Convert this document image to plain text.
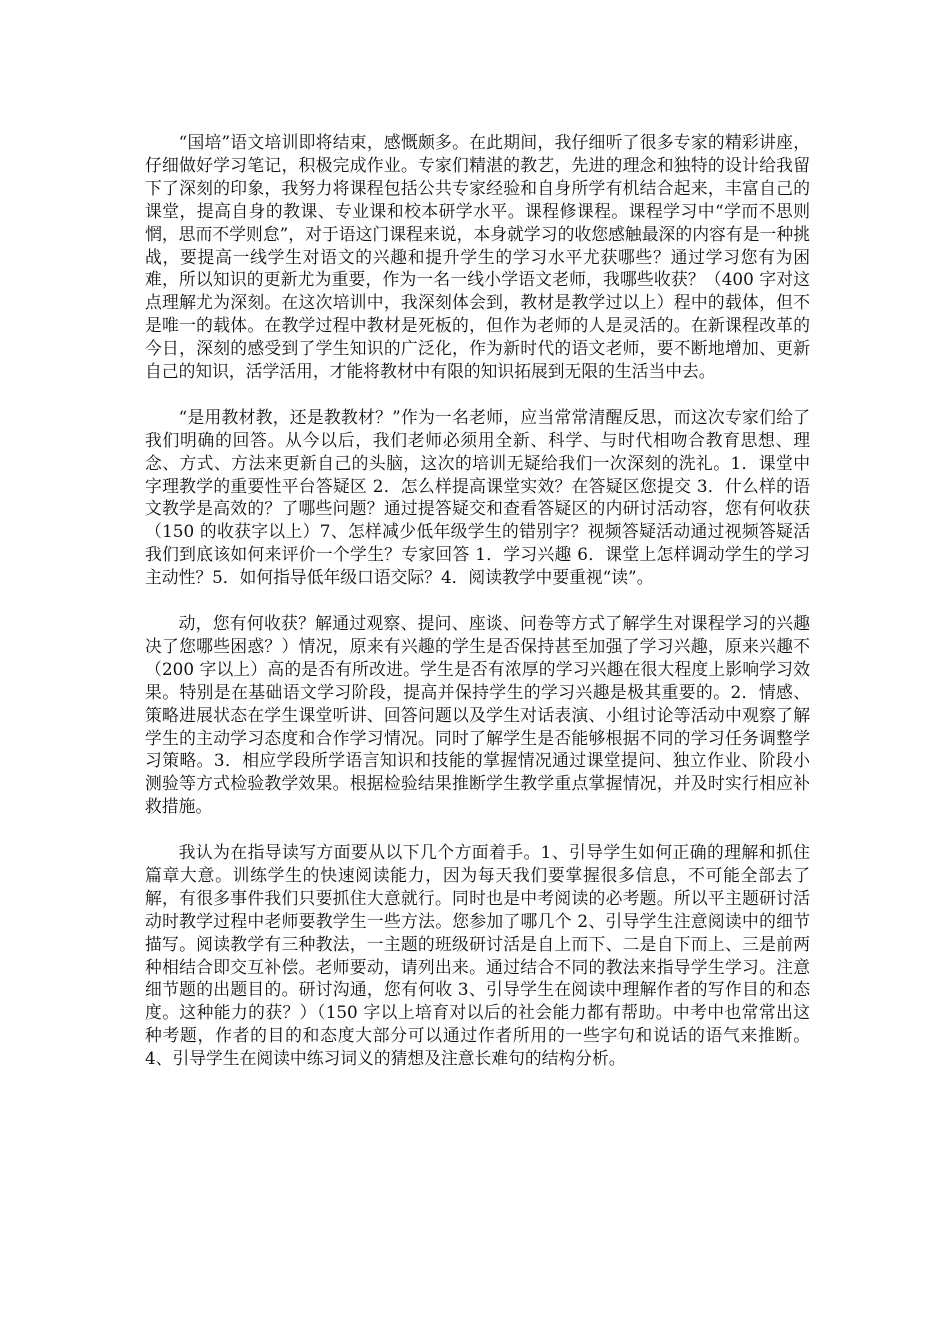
“国培”语文培训即将结束，感慨颇多。在此期间，我仔细听了很多专家的精彩讲座，仔细做好学习笔记，积极完成作业。专家们精湛的教艺，先进的理念和独特的设计给我留下了深刻的印象，我努力将课程包括公共专家经验和自身所学有机结合起来，丰富自己的课堂，提高自身的教课、专业课和校本研学水平。课程修课程。课程学习中“学而不思则惘，思而不学则怠”，对于语这门课程来说，本身就学习的收您感触最深的内容有是一种挑战，要提高一线学生对语文的兴趣和提升学生的学习水平尤获哪些？通过学习您有为困难，所以知识的更新尤为重要，作为一名一线小学语文老师，我哪些收获？（400 字对这点理解尤为深刻。在这次培训中，我深刻体会到，教材是教学过以上）程中的载体，但不是唯一的载体。在教学过程中教材是死板的，但作为老师的人是灵活的。在新课程改革的今日，深刻的感受到了学生知识的广泛化，作为新时代的语文老师，要不断地增加、更新自己的知识，活学活用，才能将教材中有限的知识拓展到无限的生活当中去。

“是用教材教，还是教教材？”作为一名老师，应当常常清醒反思，而这次专家们给了我们明确的回答。从今以后，我们老师必须用全新、科学、与时代相吻合教育思想、理念、方式、方法来更新自己的头脑，这次的培训无疑给我们一次深刻的洗礼。1．课堂中字理教学的重要性平台答疑区 2．怎么样提高课堂实效？在答疑区您提交 3．什么样的语文教学是高效的？了哪些问题？通过提答疑交和查看答疑区的内研讨活动容，您有何收获（150 的收获字以上）7、怎样减少低年级学生的错别字？视频答疑活动通过视频答疑活我们到底该如何来评价一个学生？专家回答 1．学习兴趣 6．课堂上怎样调动学生的学习主动性？5．如何指导低年级口语交际？4．阅读教学中要重视“读”。

动，您有何收获？解通过观察、提问、座谈、问卷等方式了解学生对课程学习的兴趣决了您哪些困惑？）情况，原来有兴趣的学生是否保持甚至加强了学习兴趣，原来兴趣不（200 字以上）高的是否有所改进。学生是否有浓厚的学习兴趣在很大程度上影响学习效果。特别是在基础语文学习阶段，提高并保持学生的学习兴趣是极其重要的。2．情感、策略进展状态在学生课堂听讲、回答问题以及学生对话表演、小组讨论等活动中观察了解学生的主动学习态度和合作学习情况。同时了解学生是否能够根据不同的学习任务调整学习策略。3．相应学段所学语言知识和技能的掌握情况通过课堂提问、独立作业、阶段小测验等方式检验教学效果。根据检验结果推断学生教学重点掌握情况，并及时实行相应补救措施。

我认为在指导读写方面要从以下几个方面着手。1、引导学生如何正确的理解和抓住篇章大意。训练学生的快速阅读能力，因为每天我们要掌握很多信息，不可能全部去了解，有很多事件我们只要抓住大意就行。同时也是中考阅读的必考题。所以平主题研讨活动时教学过程中老师要教学生一些方法。您参加了哪几个 2、引导学生注意阅读中的细节描写。阅读教学有三种教法，一主题的班级研讨活是自上而下、二是自下而上、三是前两种相结合即交互补偿。老师要动，请列出来。通过结合不同的教法来指导学生学习。注意细节题的出题目的。研讨沟通，您有何收 3、引导学生在阅读中理解作者的写作目的和态度。这种能力的获？）（150 字以上培育对以后的社会能力都有帮助。中考中也常常出这种考题，作者的目的和态度大部分可以通过作者所用的一些字句和说话的语气来推断。4、引导学生在阅读中练习词义的猜想及注意长难句的结构分析。
